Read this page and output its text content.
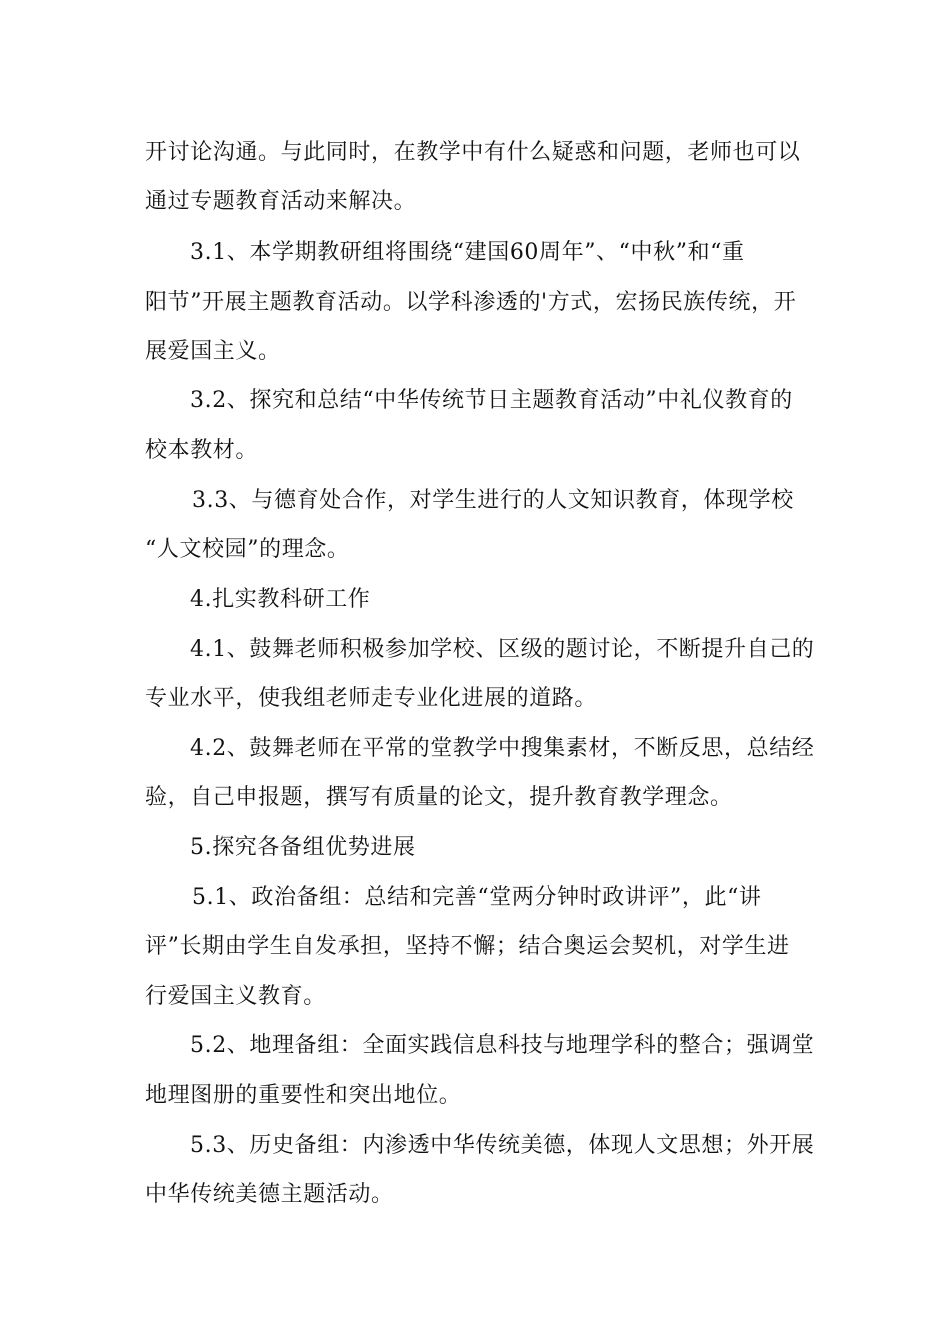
开讨论沟通。与此同时，在教学中有什么疑惑和问题，老师也可以
通过专题教育活动来解决。
3.1、本学期教研组将围绕“建国60周年”、“中秋”和“重
阳节”开展主题教育活动。以学科渗透的'方式，宏扬民族传统，开
展爱国主义。
3.2、探究和总结“中华传统节日主题教育活动”中礼仪教育的
校本教材。
3.3、与德育处合作，对学生进行的人文知识教育，体现学校
“人文校园”的理念。
4.扎实教科研工作
4.1、鼓舞老师积极参加学校、区级的题讨论，不断提升自己的
专业水平，使我组老师走专业化进展的道路。
4.2、鼓舞老师在平常的堂教学中搜集素材，不断反思，总结经
验，自己申报题，撰写有质量的论文，提升教育教学理念。
5.探究各备组优势进展
5.1、政治备组：总结和完善“堂两分钟时政讲评”，此“讲
评”长期由学生自发承担，坚持不懈；结合奥运会契机，对学生进
行爱国主义教育。
5.2、地理备组：全面实践信息科技与地理学科的整合；强调堂
地理图册的重要性和突出地位。
5.3、历史备组：内渗透中华传统美德，体现人文思想；外开展
中华传统美德主题活动。
